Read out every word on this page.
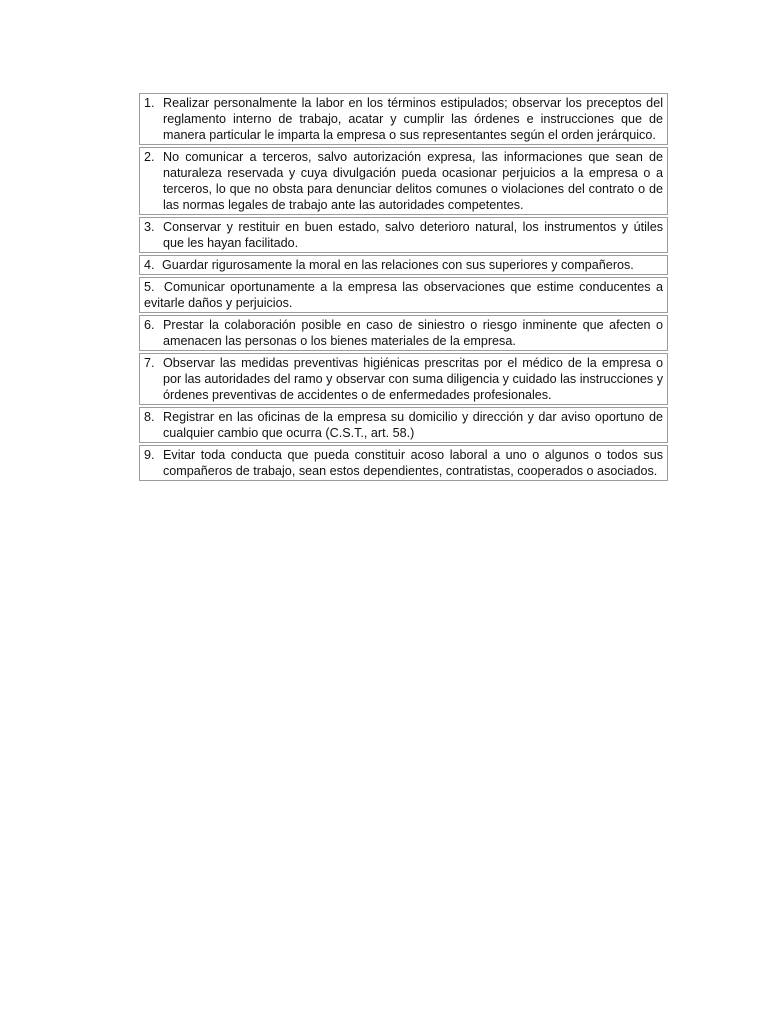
1. Realizar personalmente la labor en los términos estipulados; observar los preceptos del reglamento interno de trabajo, acatar y cumplir las órdenes e instrucciones que de manera particular le imparta la empresa o sus representantes según el orden jerárquico.
2. No comunicar a terceros, salvo autorización expresa, las informaciones que sean de naturaleza reservada y cuya divulgación pueda ocasionar perjuicios a la empresa o a terceros, lo que no obsta para denunciar delitos comunes o violaciones del contrato o de las normas legales de trabajo ante las autoridades competentes.
3. Conservar y restituir en buen estado, salvo deterioro natural, los instrumentos y útiles que les hayan facilitado.
4. Guardar rigurosamente la moral en las relaciones con sus superiores y compañeros.
5. Comunicar oportunamente a la empresa las observaciones que estime conducentes a evitarle daños y perjuicios.
6. Prestar la colaboración posible en caso de siniestro o riesgo inminente que afecten o amenacen las personas o los bienes materiales de la empresa.
7. Observar las medidas preventivas higiénicas prescritas por el médico de la empresa o por las autoridades del ramo y observar con suma diligencia y cuidado las instrucciones y órdenes preventivas de accidentes o de enfermedades profesionales.
8. Registrar en las oficinas de la empresa su domicilio y dirección y dar aviso oportuno de cualquier cambio que ocurra (C.S.T., art. 58.)
9. Evitar toda conducta que pueda constituir acoso laboral a uno o algunos o todos sus compañeros de trabajo, sean estos dependientes, contratistas, cooperados o asociados.
